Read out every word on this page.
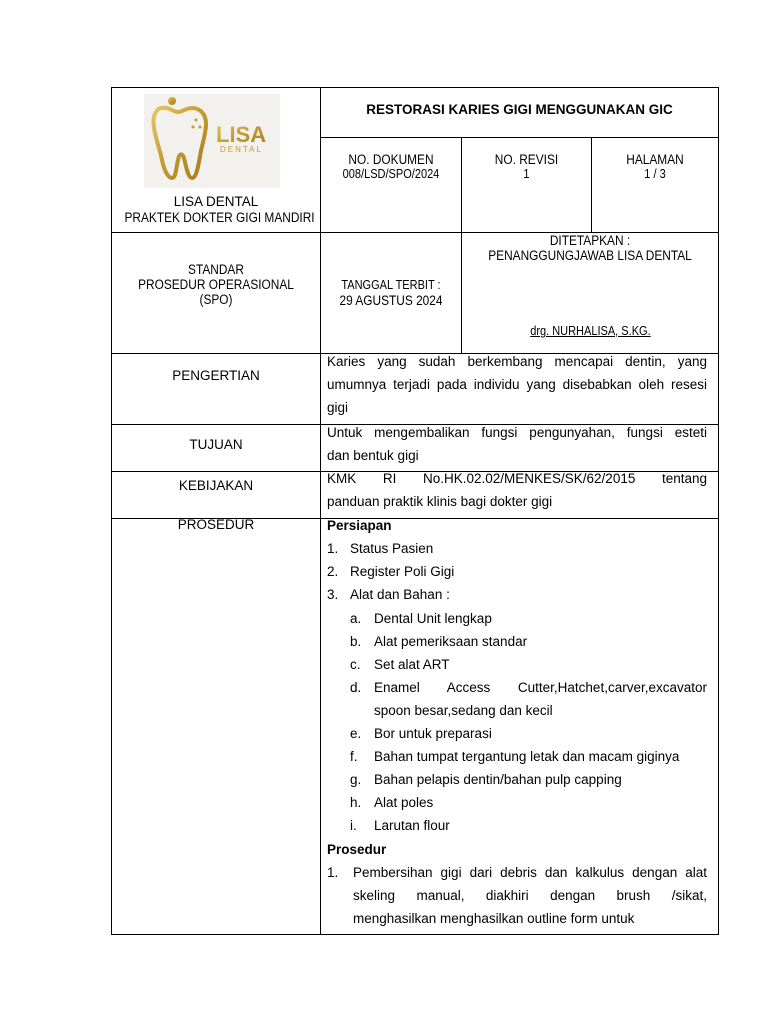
LISA
DENTAL
LISA DENTAL
PRAKTEK DOKTER GIGI MANDIRI
RESTORASI KARIES GIGI MENGGUNAKAN GIC
NO. DOKUMEN
008/LSD/SPO/2024
NO. REVISI
1
HALAMAN
1 / 3
STANDAR
PROSEDUR OPERASIONAL
(SPO)
TANGGAL TERBIT :
29 AGUSTUS 2024
DITETAPKAN :
PENANGGUNGJAWAB LISA DENTAL
drg. NURHALISA, S.KG.
PENGERTIAN
Karies yang sudah berkembang mencapai dentin, yang
umumnya terjadi pada individu yang disebabkan oleh resesi
gigi
TUJUAN
Untuk mengembalikan fungsi pengunyahan, fungsi esteti
dan bentuk gigi
KEBIJAKAN	KMK RI No.HK.02.02/MENKES/SK/62/2015 tentang
panduan praktik klinis bagi dokter gigi
PROSEDUR	Persiapan
1. Status Pasien
2. Register Poli Gigi
3. Alat dan Bahan :
a. Dental Unit lengkap
b. Alat pemeriksaan standar
c. Set alat ART
d. Enamel Access Cutter,Hatchet,carver,excavator
spoon besar,sedang dan kecil
e. Bor untuk preparasi
f. Bahan tumpat tergantung letak dan macam giginya
g. Bahan pelapis dentin/bahan pulp capping
h. Alat poles
i. Larutan flour
Prosedur
1. Pembersihan gigi dari debris dan kalkulus dengan alat
skeling manual, diakhiri dengan brush /sikat,
menghasilkan menghasilkan outline form untuk
